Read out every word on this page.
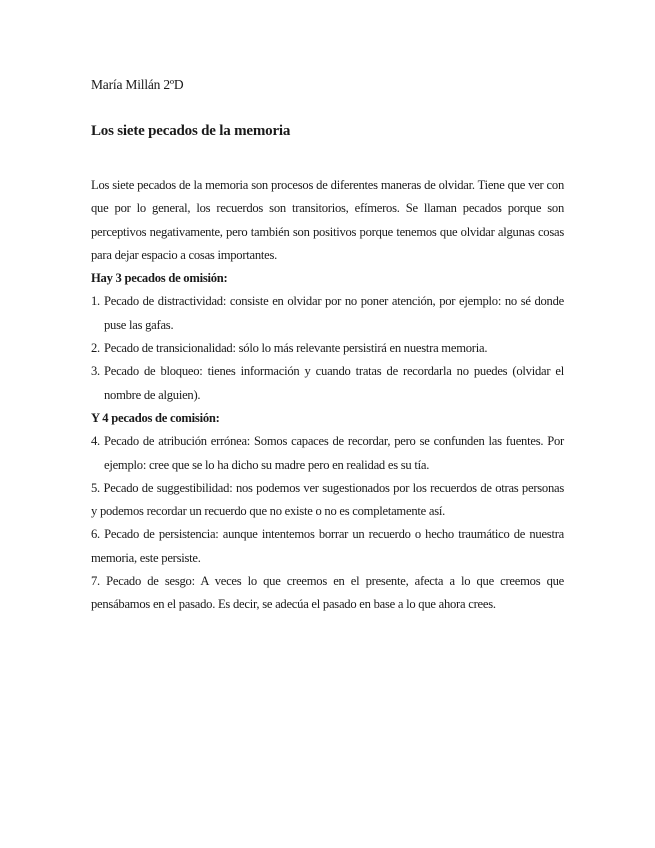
María Millán 2ºD
Los siete pecados de la memoria

Los siete pecados de la memoria son procesos de diferentes maneras de olvidar. Tiene que ver con que por lo general, los recuerdos son transitorios, efímeros. Se llaman pecados porque son perceptivos negativamente, pero también son positivos porque tenemos que olvidar algunas cosas para dejar espacio a cosas importantes.

Hay 3 pecados de omisión:

1. Pecado de distractividad: consiste en olvidar por no poner atención, por ejemplo: no sé donde puse las gafas.
2. Pecado de transicionalidad: sólo lo más relevante persistirá en nuestra memoria.
3. Pecado de bloqueo: tienes información y cuando tratas de recordarla no puedes (olvidar el nombre de alguien).

Y 4 pecados de comisión:

4. Pecado de atribución errónea: Somos capaces de recordar, pero se confunden las fuentes. Por ejemplo: cree que se lo ha dicho su madre pero en realidad es su tía.

5. Pecado de suggestibilidad: nos podemos ver sugestionados por los recuerdos de otras personas y podemos recordar un recuerdo que no existe o no es completamente así.

6. Pecado de persistencia: aunque intentemos borrar un recuerdo o hecho traumático de nuestra memoria, este persiste.

7. Pecado de sesgo: A veces lo que creemos en el presente, afecta a lo que creemos que pensábamos en el pasado. Es decir, se adecúa el pasado en base a lo que ahora crees.
